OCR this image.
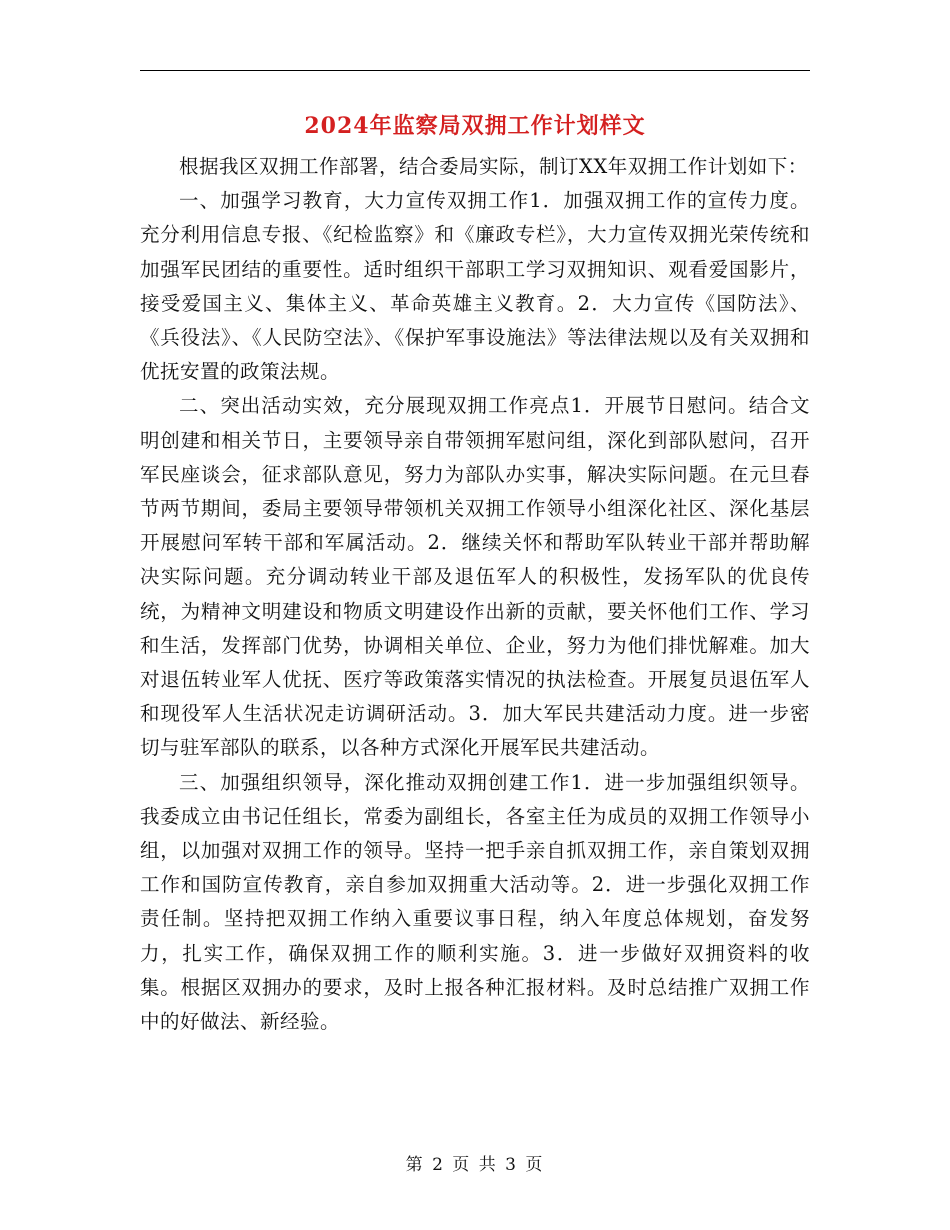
2024年监察局双拥工作计划样文

根据我区双拥工作部署，结合委局实际，制订XX年双拥工作计划如下：

一、加强学习教育，大力宣传双拥工作1．加强双拥工作的宣传力度。充分利用信息专报、《纪检监察》和《廉政专栏》，大力宣传双拥光荣传统和加强军民团结的重要性。适时组织干部职工学习双拥知识、观看爱国影片，接受爱国主义、集体主义、革命英雄主义教育。2．大力宣传《国防法》、《兵役法》、《人民防空法》、《保护军事设施法》等法律法规以及有关双拥和优抚安置的政策法规。

二、突出活动实效，充分展现双拥工作亮点1．开展节日慰问。结合文明创建和相关节日，主要领导亲自带领拥军慰问组，深化到部队慰问，召开军民座谈会，征求部队意见，努力为部队办实事，解决实际问题。在元旦春节两节期间，委局主要领导带领机关双拥工作领导小组深化社区、深化基层开展慰问军转干部和军属活动。2．继续关怀和帮助军队转业干部并帮助解决实际问题。充分调动转业干部及退伍军人的积极性，发扬军队的优良传统，为精神文明建设和物质文明建设作出新的贡献，要关怀他们工作、学习和生活，发挥部门优势，协调相关单位、企业，努力为他们排忧解难。加大对退伍转业军人优抚、医疗等政策落实情况的执法检查。开展复员退伍军人和现役军人生活状况走访调研活动。3．加大军民共建活动力度。进一步密切与驻军部队的联系，以各种方式深化开展军民共建活动。

三、加强组织领导，深化推动双拥创建工作1．进一步加强组织领导。我委成立由书记任组长，常委为副组长，各室主任为成员的双拥工作领导小组，以加强对双拥工作的领导。坚持一把手亲自抓双拥工作，亲自策划双拥工作和国防宣传教育，亲自参加双拥重大活动等。2．进一步强化双拥工作责任制。坚持把双拥工作纳入重要议事日程，纳入年度总体规划，奋发努力，扎实工作，确保双拥工作的顺利实施。3．进一步做好双拥资料的收集。根据区双拥办的要求，及时上报各种汇报材料。及时总结推广双拥工作中的好做法、新经验。

第 2 页 共 3 页
